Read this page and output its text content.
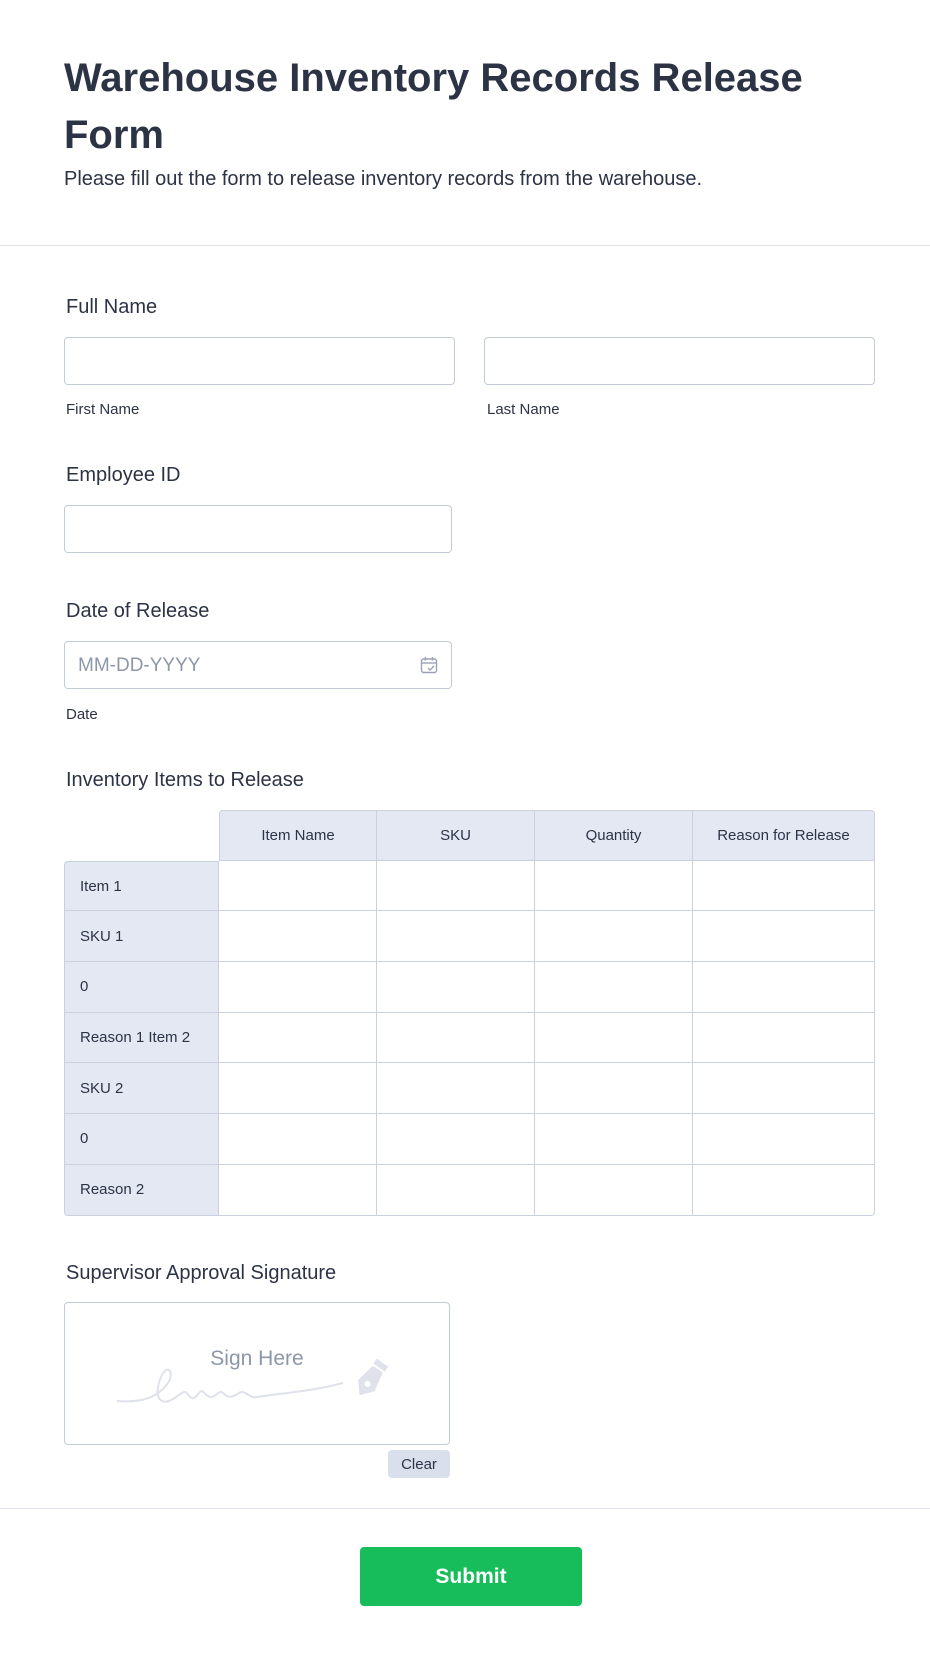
Warehouse Inventory Records Release Form

Please fill out the form to release inventory records from the warehouse.

Full Name
First Name	Last Name
Employee ID
Date of Release
MM-DD-YYYY
Date
Inventory Items to Release
	Item Name	SKU	Quantity	Reason for Release
Item 1				
SKU 1				
0				
Reason 1 Item 2				
SKU 2				
0				
Reason 2				
Supervisor Approval Signature
Sign Here
Clear
Submit
